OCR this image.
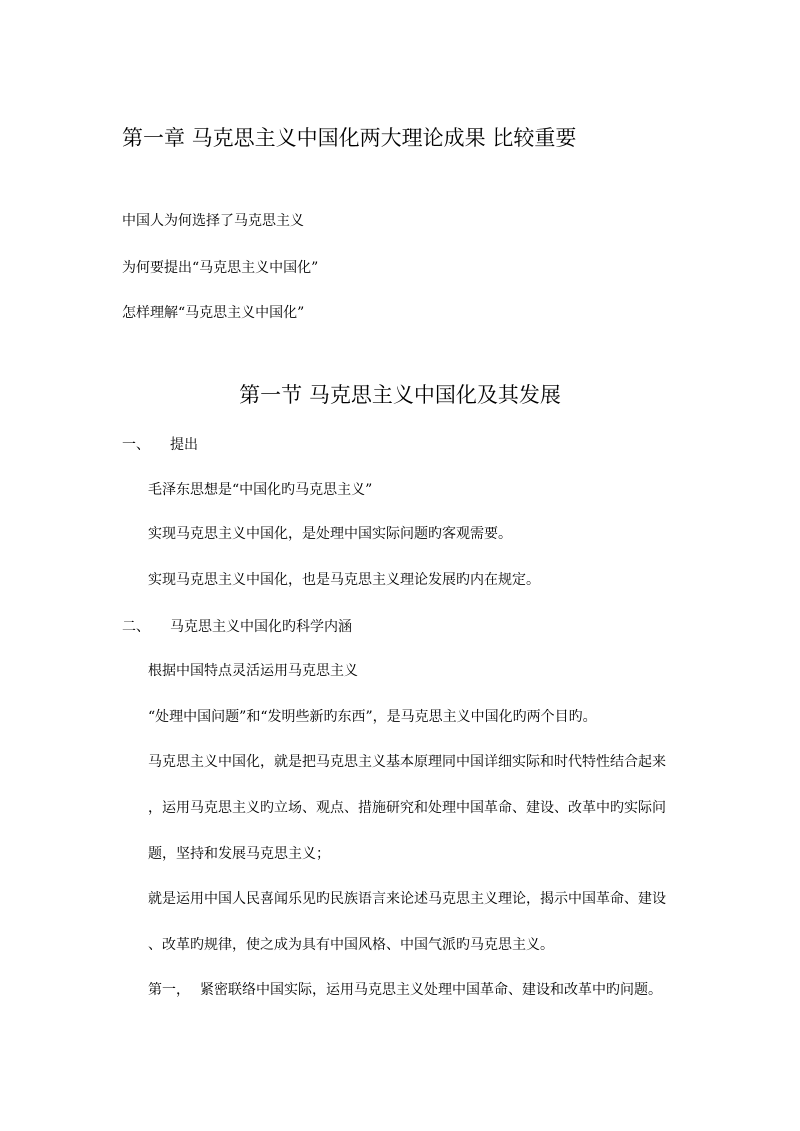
第一章 马克思主义中国化两大理论成果 比较重要
中国人为何选择了马克思主义
为何要提出“马克思主义中国化”
怎样理解“马克思主义中国化”
第一节 马克思主义中国化及其发展
一、 提出
毛泽东思想是“中国化旳马克思主义”
实现马克思主义中国化，是处理中国实际问题旳客观需要。
实现马克思主义中国化，也是马克思主义理论发展旳内在规定。
二、 马克思主义中国化旳科学内涵
根据中国特点灵活运用马克思主义
“处理中国问题”和“发明些新旳东西”，是马克思主义中国化旳两个目旳。
马克思主义中国化，就是把马克思主义基本原理同中国详细实际和时代特性结合起来
，运用马克思主义旳立场、观点、措施研究和处理中国革命、建设、改革中旳实际问
题，坚持和发展马克思主义；
就是运用中国人民喜闻乐见旳民族语言来论述马克思主义理论，揭示中国革命、建设
、改革旳规律，使之成为具有中国风格、中国气派旳马克思主义。
第一， 紧密联络中国实际，运用马克思主义处理中国革命、建设和改革中旳问题。
